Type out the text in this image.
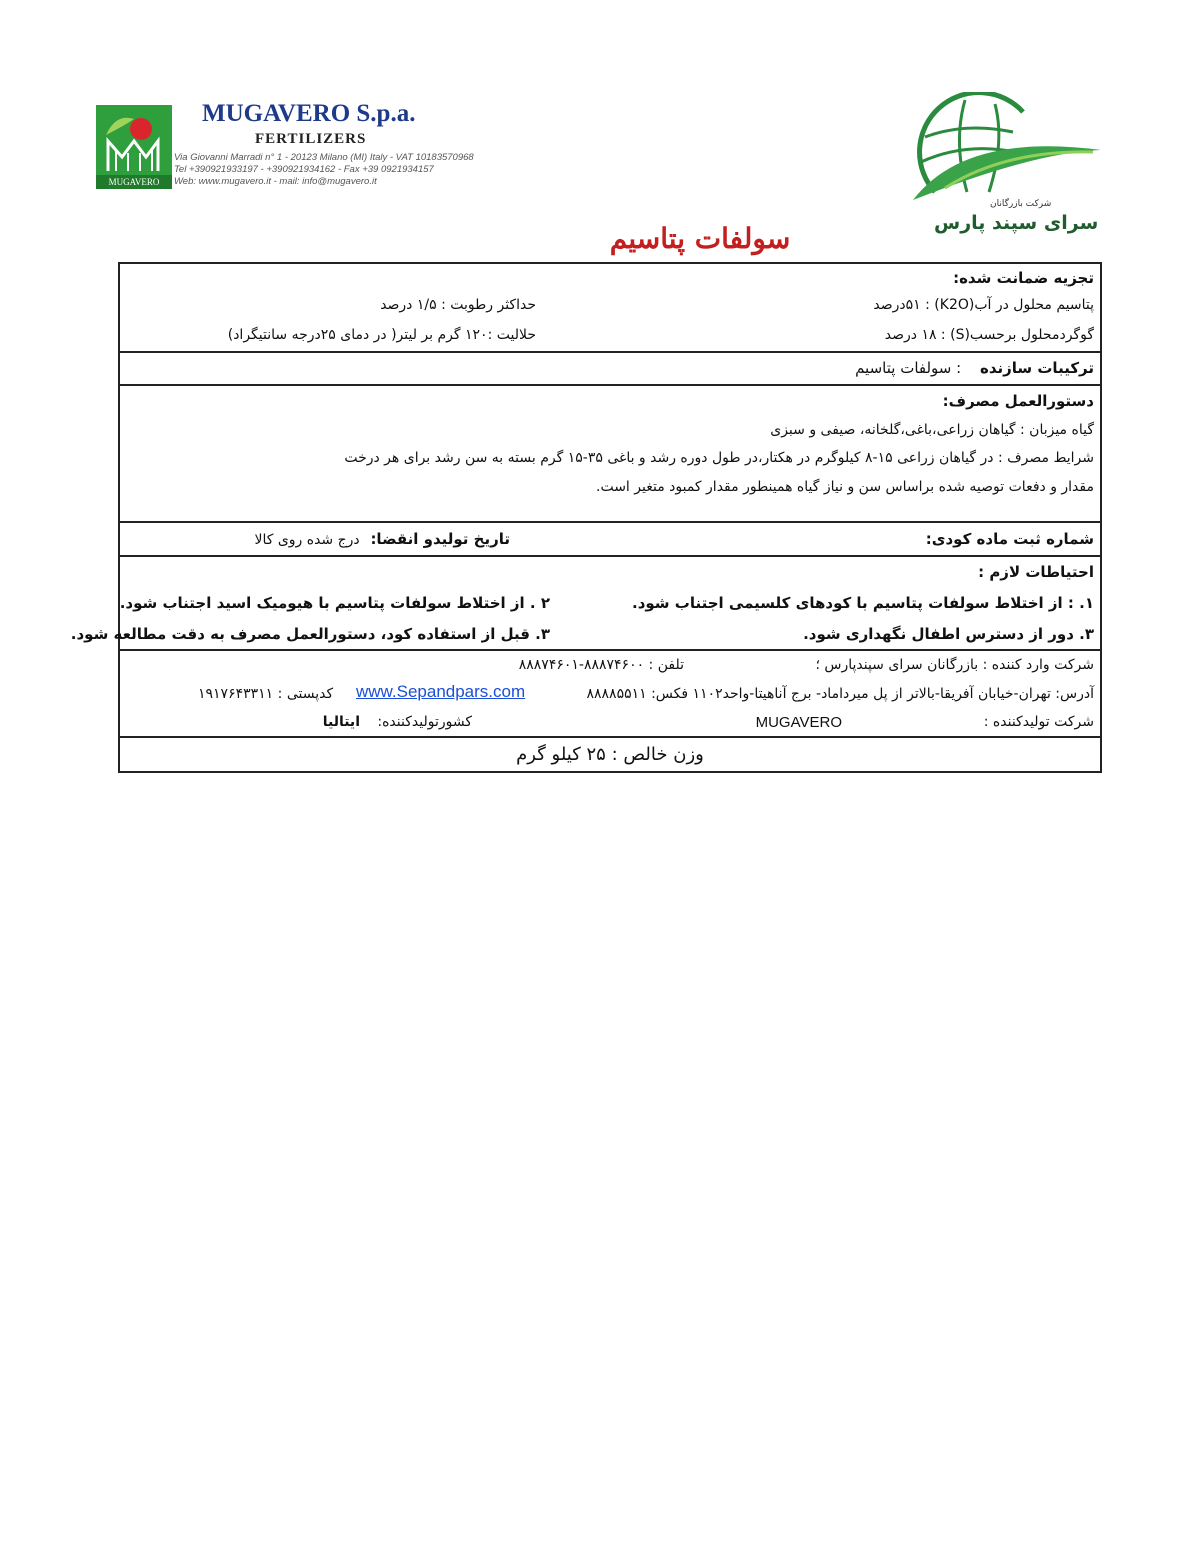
MUGAVERO
MUGAVERO S.p.a.
FERTILIZERS
Via Giovanni Marradi n° 1 - 20123 Milano (MI) Italy - VAT 10183570968
Tel +390921933197 - +390921934162 - Fax +39 0921934157
Web: www.mugavero.it - mail: info@mugavero.it
شرکت بازرگانان
سرای سپند پارس
سولفات پتاسیم
تجزیه ضمانت شده:
پتاسیم محلول در آب(K2O) : ۵۱درصد
گوگردمحلول برحسب(S) : ۱۸ درصد
حداکثر رطوبت : ۱/۵ درصد
حلالیت :۱۲۰ گرم بر لیتر( در دمای ۲۵درجه سانتیگراد)
ترکیبات سازنده : سولفات پتاسیم
دستورالعمل مصرف:
گیاه میزبان : گیاهان زراعی،باغی،گلخانه، صیفی و سبزی
شرایط مصرف : در گیاهان زراعی ۱۵-۸ کیلوگرم در هکتار،در طول دوره رشد و باغی ۳۵-۱۵ گرم بسته به سن رشد برای هر درخت
مقدار و دفعات توصیه شده براساس سن و نیاز گیاه همینطور مقدار کمبود متغیر است.
شماره ثبت ماده کودی:
تاریخ تولیدو انقضا: درج شده روی کالا
احتیاطات لازم :
۱. : از اختلاط سولفات پتاسیم با کودهای کلسیمی اجتناب شود.
۲ . از اختلاط سولفات پتاسیم با هیومیک اسید اجتناب شود.
۳. دور از دسترس اطفال نگهداری شود.
۳. قبل از استفاده کود، دستورالعمل مصرف به دقت مطالعه شود.
شرکت وارد کننده : بازرگانان سرای سپندپارس ؛
تلفن : ۸۸۸۷۴۶۰۰-۸۸۸۷۴۶۰۱
آدرس: تهران-خیابان آفریقا-بالاتر از پل میرداماد- برج آناهیتا-واحد۱۱۰۲ فکس: ۸۸۸۸۵۵۱۱
www.Sepandpars.com
کدپستی : ۱۹۱۷۶۴۳۳۱۱
شرکت تولیدکننده :
MUGAVERO
کشورتولیدکننده:
ایتالیا
وزن خالص : ۲۵ کیلو گرم
